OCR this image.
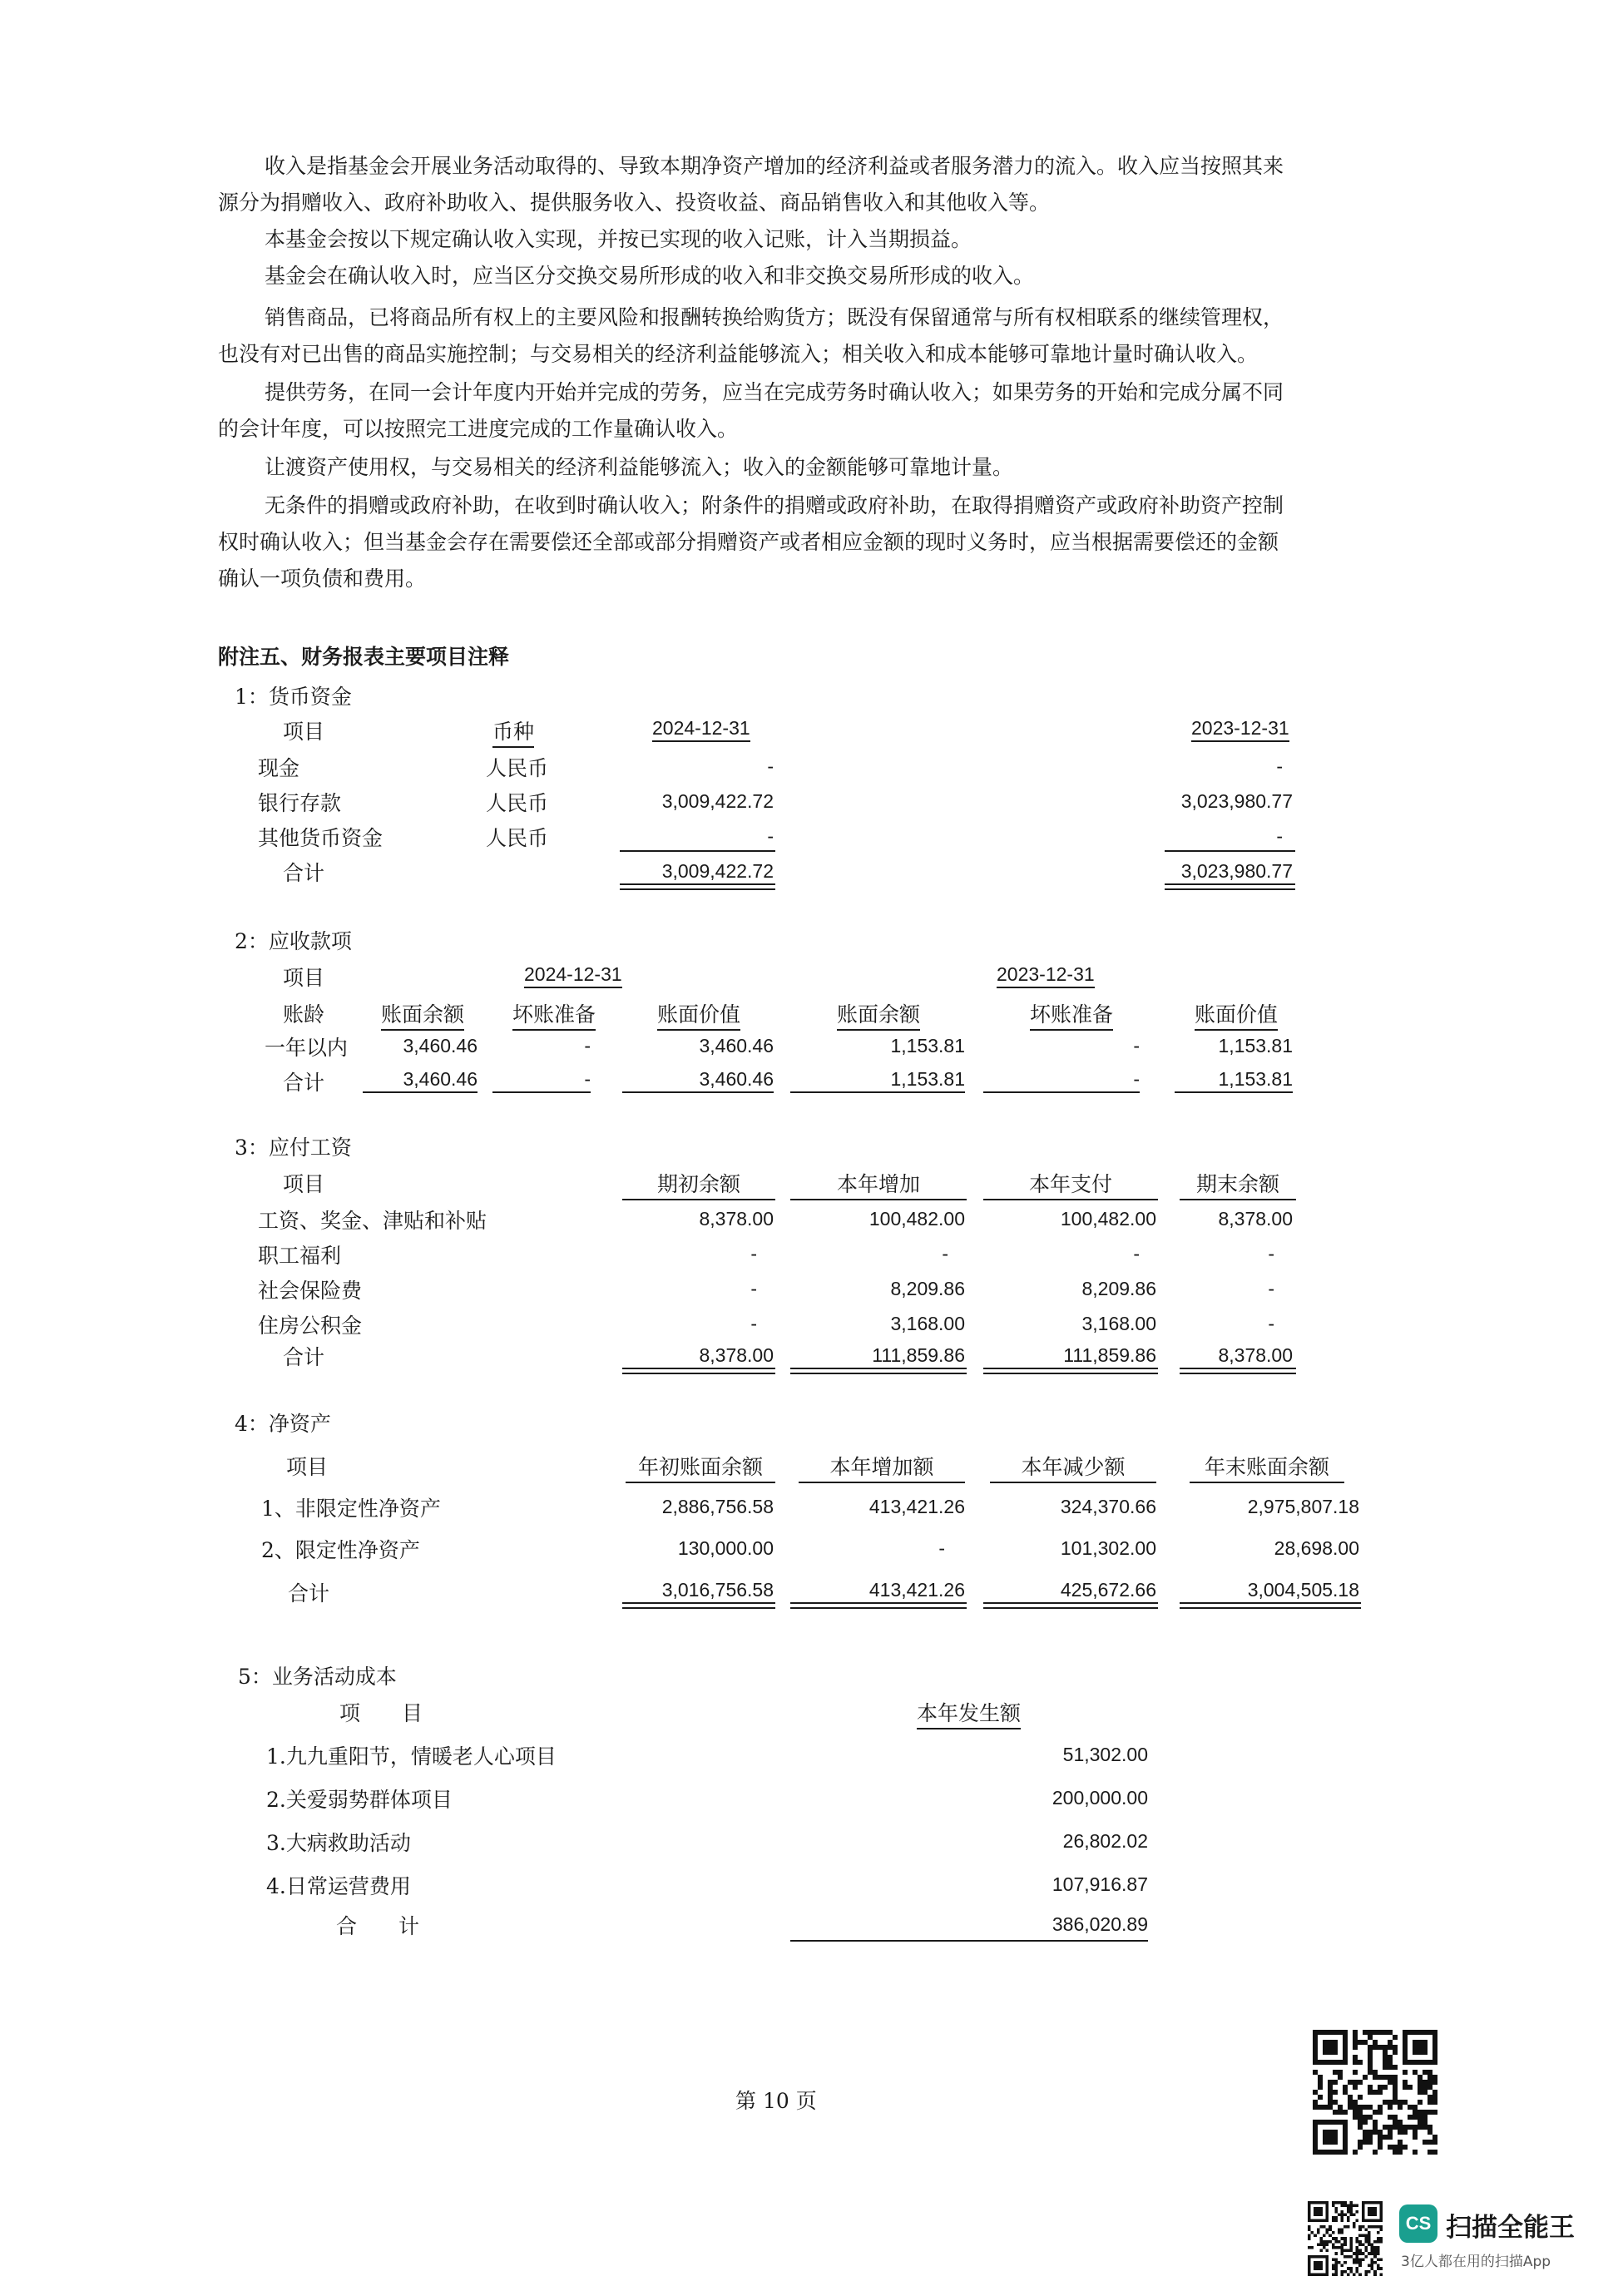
收入是指基金会开展业务活动取得的、导致本期净资产增加的经济利益或者服务潜力的流入。收入应当按照其来
源分为捐赠收入、政府补助收入、提供服务收入、投资收益、商品销售收入和其他收入等。
本基金会按以下规定确认收入实现，并按已实现的收入记账，计入当期损益。
基金会在确认收入时，应当区分交换交易所形成的收入和非交换交易所形成的收入。
销售商品，已将商品所有权上的主要风险和报酬转换给购货方；既没有保留通常与所有权相联系的继续管理权，
也没有对已出售的商品实施控制；与交易相关的经济利益能够流入；相关收入和成本能够可靠地计量时确认收入。
提供劳务，在同一会计年度内开始并完成的劳务，应当在完成劳务时确认收入；如果劳务的开始和完成分属不同
的会计年度，可以按照完工进度完成的工作量确认收入。
让渡资产使用权，与交易相关的经济利益能够流入；收入的金额能够可靠地计量。
无条件的捐赠或政府补助，在收到时确认收入；附条件的捐赠或政府补助，在取得捐赠资产或政府补助资产控制
权时确认收入；但当基金会存在需要偿还全部或部分捐赠资产或者相应金额的现时义务时，应当根据需要偿还的金额
确认一项负债和费用。
附注五、财务报表主要项目注释
1：货币资金
项目	币种	2024-12-31	2023-12-31
现金	人民币	-	-
银行存款	人民币	3,009,422.72	3,023,980.77
其他货币资金	人民币	-	-
合计	3,009,422.72	3,023,980.77
2：应收款项
项目	2024-12-31	2023-12-31
账龄	账面余额 坏账准备	账面价值	账面余额	坏账准备	账面价值
一年以内	3,460.46	-	3,460.46	1,153.81	-	1,153.81
合计	3,460.46	-	3,460.46	1,153.81	-	1,153.81
3：应付工资
项目	期初余额	本年增加	本年支付	期末余额
工资、奖金、津贴和补贴	8,378.00	100,482.00	100,482.00	8,378.00
职工福利	-	-	-	-
社会保险费	-	8,209.86	8,209.86	-
住房公积金	-	3,168.00	3,168.00	-
合计	8,378.00	111,859.86	111,859.86	8,378.00
4：净资产
项目	年初账面余额	本年增加额	本年减少额	年末账面余额
1、非限定性净资产	2,886,756.58	413,421.26	324,370.66	2,975,807.18
2、限定性净资产	130,000.00	-	101,302.00	28,698.00
合计	3,016,756.58	413,421.26	425,672.66	3,004,505.18
5：业务活动成本
项　　目	本年发生额
1.九九重阳节，情暖老人心项目	51,302.00
2.关爱弱势群体项目	200,000.00
3.大病救助活动	26,802.02
4.日常运营费用	107,916.87
合　　计	386,020.89
第 10 页
CS 扫描全能王
3亿人都在用的扫描App
